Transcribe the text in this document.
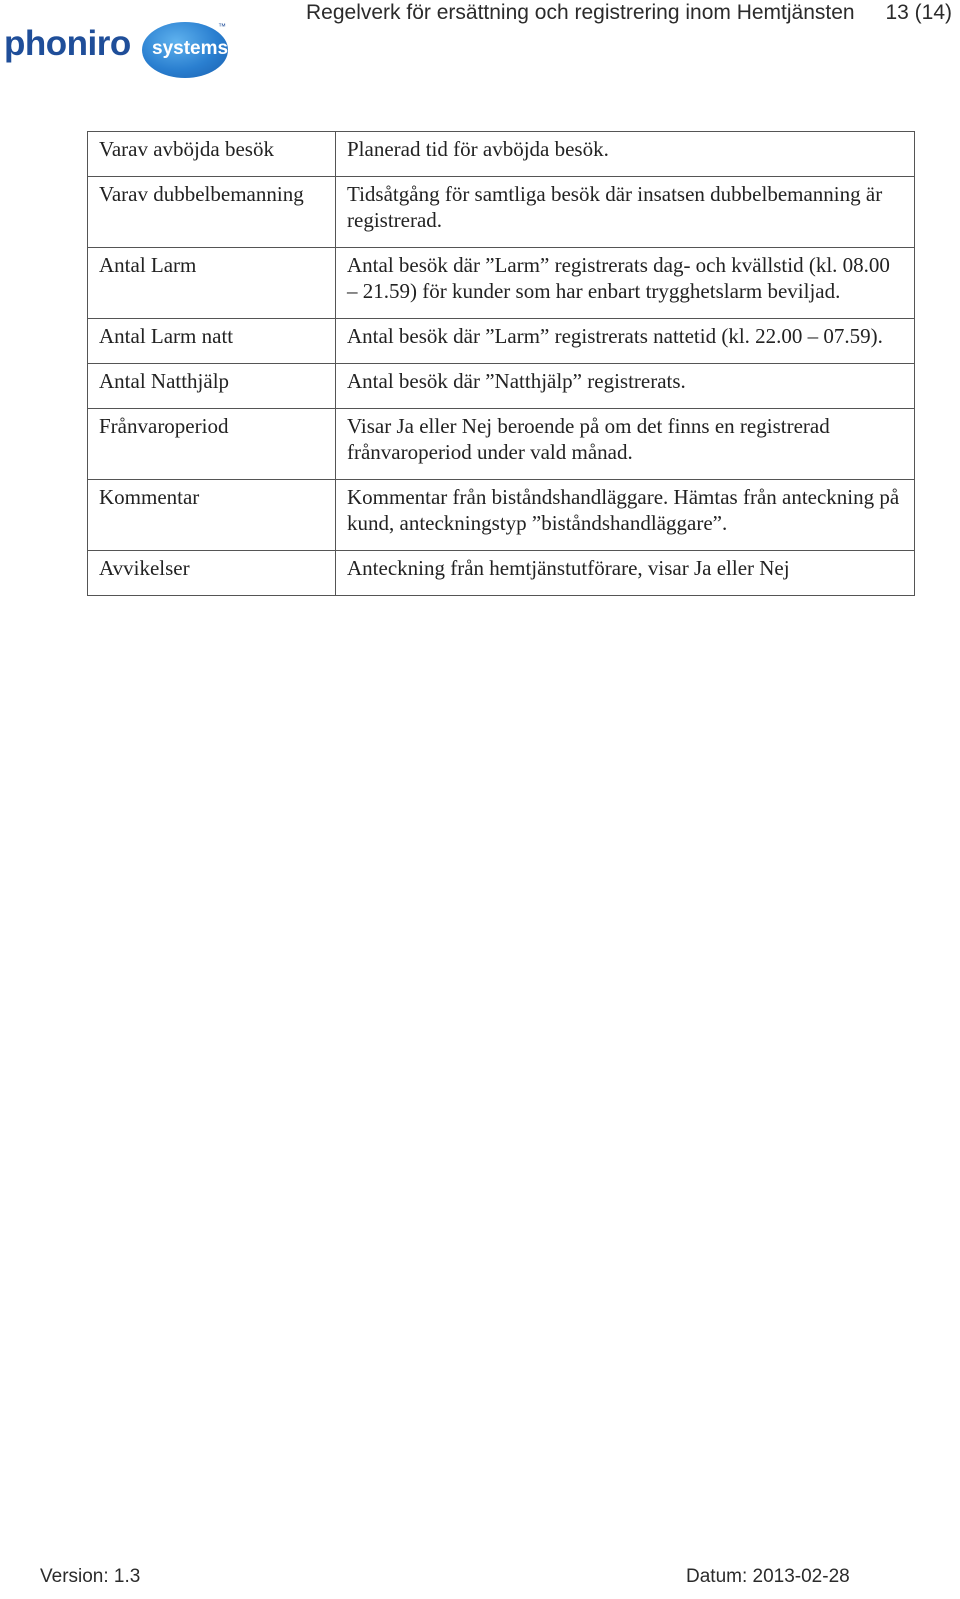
Regelverk för ersättning och registrering inom Hemtjänsten 13 (14)
phoniro systems
™
Varav avböjda besök	Planerad tid för avböjda besök.
Varav dubbelbemanning	Tidsåtgång för samtliga besök där insatsen dubbelbemanning är registrerad.
Antal Larm	Antal besök där ”Larm” registrerats dag- och kvällstid (kl. 08.00 – 21.59) för kunder som har enbart trygghetslarm beviljad.
Antal Larm natt	Antal besök där ”Larm” registrerats nattetid (kl. 22.00 – 07.59).
Antal Natthjälp	Antal besök där ”Natthjälp” registrerats.
Frånvaroperiod	Visar Ja eller Nej beroende på om det finns en registrerad frånvaroperiod under vald månad.
Kommentar	Kommentar från biståndshandläggare. Hämtas från anteckning på kund, anteckningstyp ”biståndshandläggare”.
Avvikelser	Anteckning från hemtjänstutförare, visar Ja eller Nej
Version: 1.3	Datum: 2013-02-28
